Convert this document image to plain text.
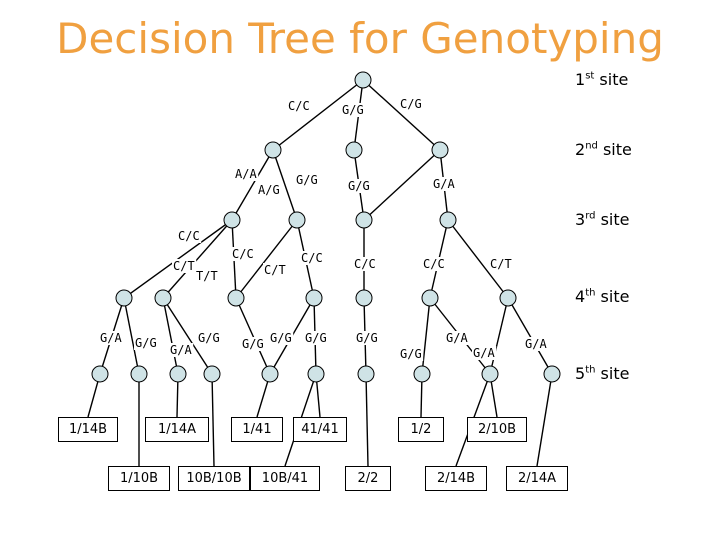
Decision Tree for Genotyping
C/C	G/G	C/G
A/A
A/G
G/G	G/G	G/A
C/C
C/T
T/T
C/C
C/T
C/C	C/C	C/C	C/T
G/A G/G G/A
G/G G/G G/G G/G G/G
G/G
G/A
G/A
G/A
1st site
2nd site
3rd site
4th site
5th site
1/14B
1/10B
1/14A
10B/10B
1/41
10B/41
41/41
2/2
1/2
2/14B
2/10B
2/14A
